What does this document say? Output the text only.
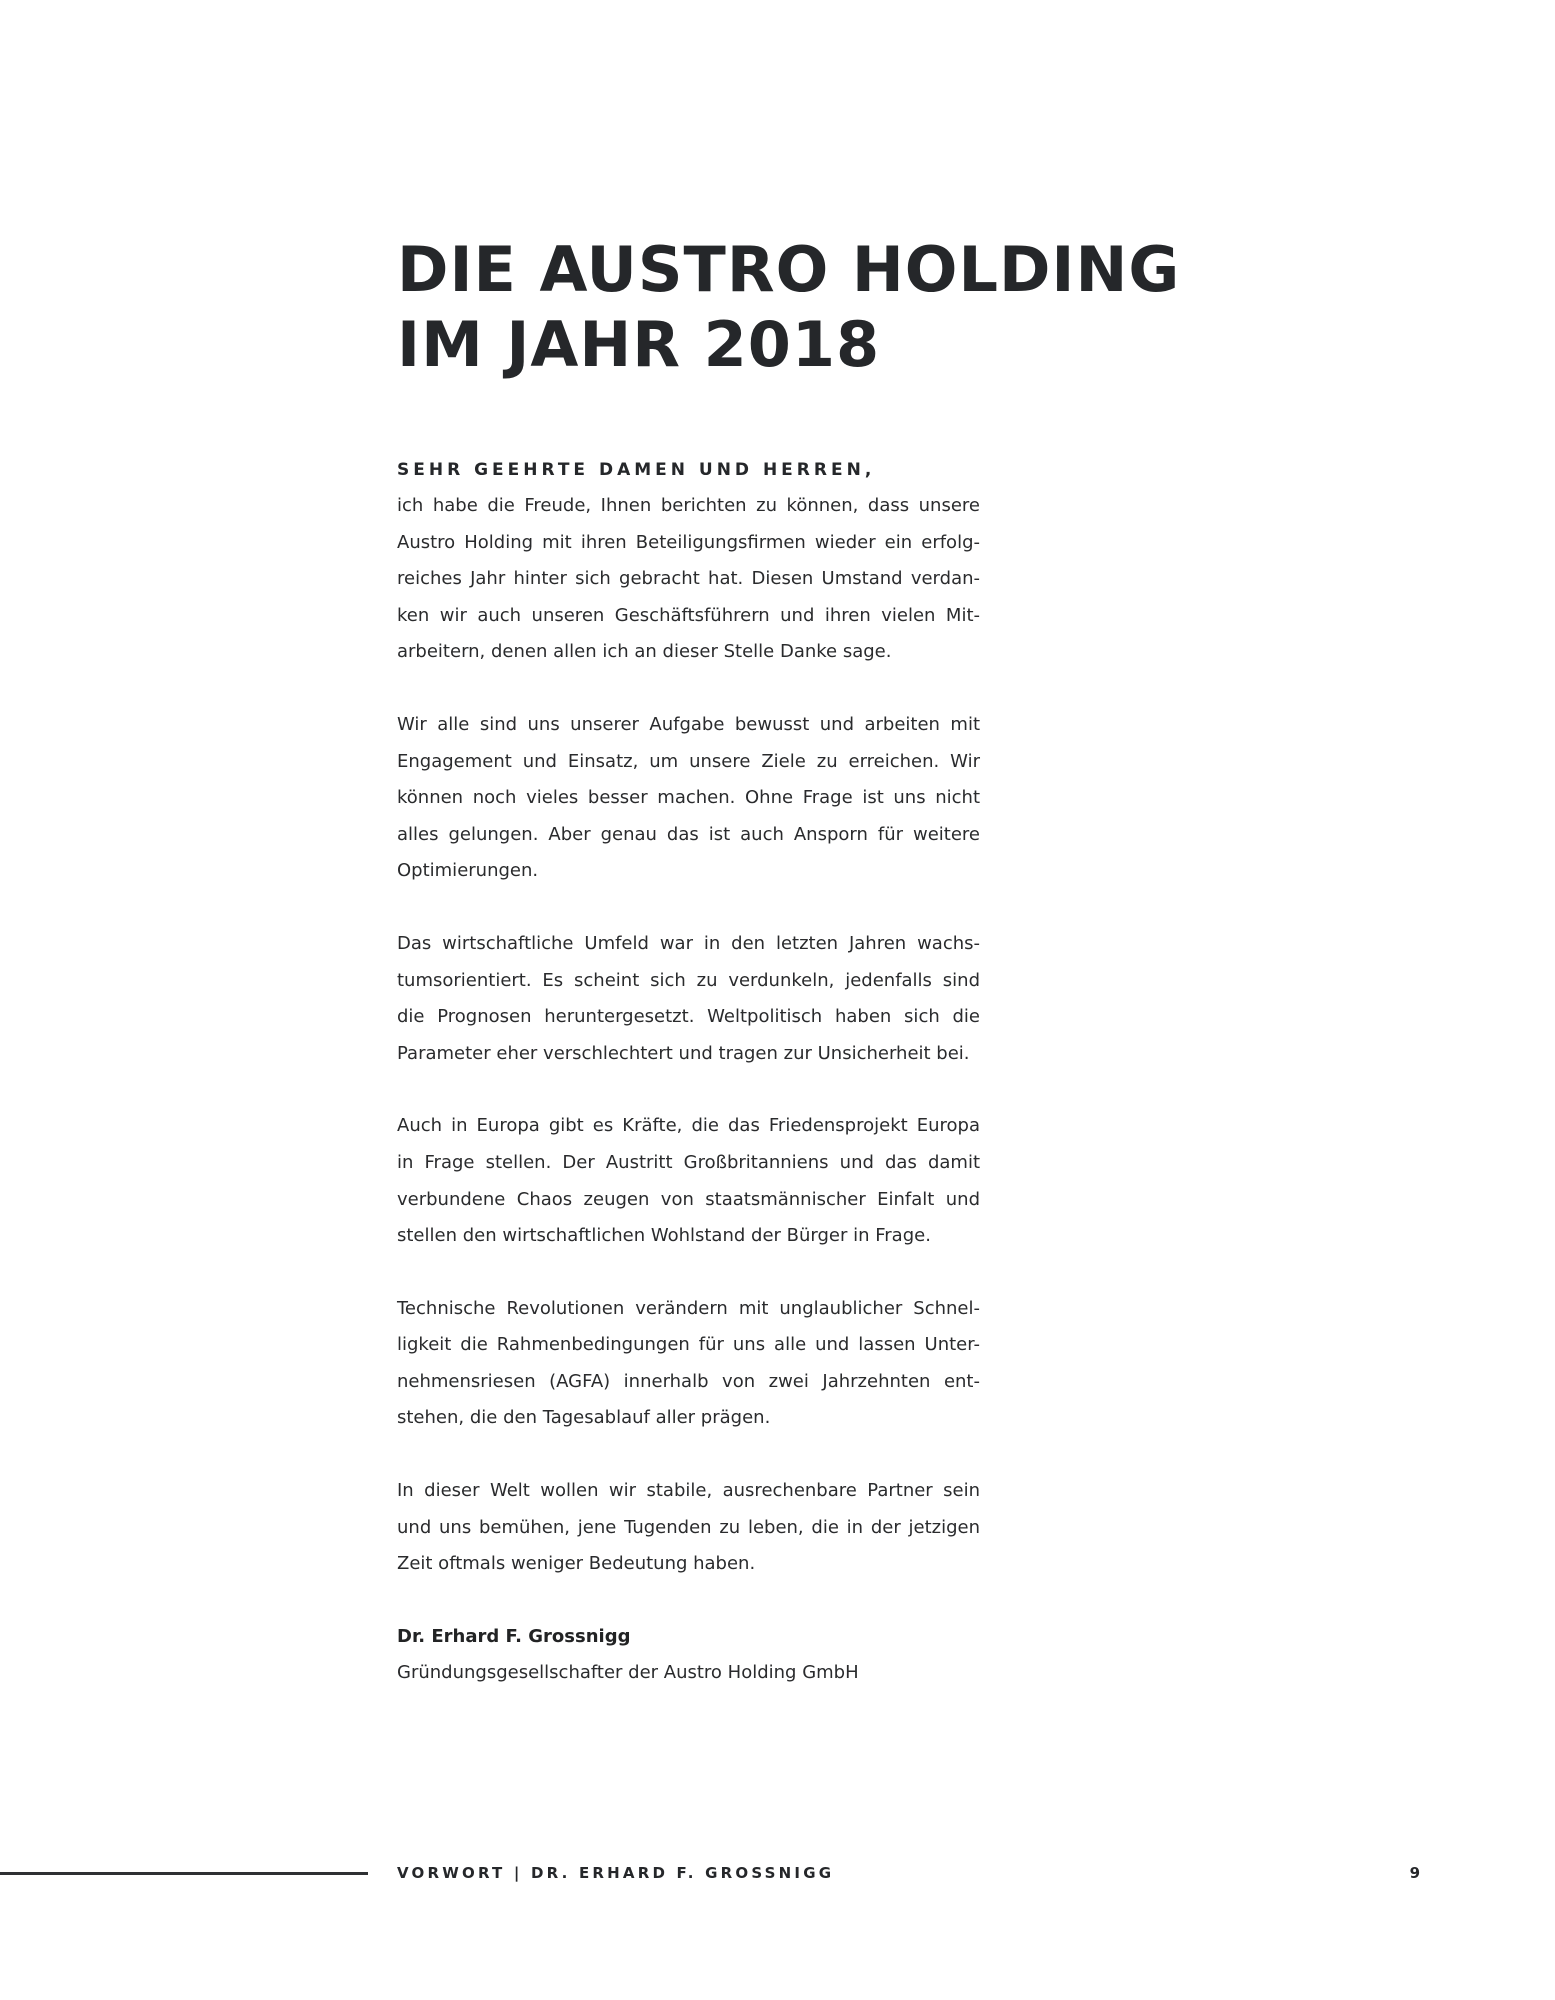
DIE AUSTRO HOLDING
IM JAHR 2018
SEHR GEEHRTE DAMEN UND HERREN,
ich habe die Freude, Ihnen berichten zu können, dass unsere
Austro Holding mit ihren Beteiligungsfirmen wieder ein erfolg-
reiches Jahr hinter sich gebracht hat. Diesen Umstand verdan-
ken wir auch unseren Geschäftsführern und ihren vielen Mit-
arbeitern, denen allen ich an dieser Stelle Danke sage.
Wir alle sind uns unserer Aufgabe bewusst und arbeiten mit
Engagement und Einsatz, um unsere Ziele zu erreichen. Wir
können noch vieles besser machen. Ohne Frage ist uns nicht
alles gelungen. Aber genau das ist auch Ansporn für weitere
Optimierungen.
Das wirtschaftliche Umfeld war in den letzten Jahren wachs-
tumsorientiert. Es scheint sich zu verdunkeln, jedenfalls sind
die Prognosen heruntergesetzt. Weltpolitisch haben sich die
Parameter eher verschlechtert und tragen zur Unsicherheit bei.
Auch in Europa gibt es Kräfte, die das Friedensprojekt Europa
in Frage stellen. Der Austritt Großbritanniens und das damit
verbundene Chaos zeugen von staatsmännischer Einfalt und
stellen den wirtschaftlichen Wohlstand der Bürger in Frage.
Technische Revolutionen verändern mit unglaublicher Schnel-
ligkeit die Rahmenbedingungen für uns alle und lassen Unter-
nehmensriesen (AGFA) innerhalb von zwei Jahrzehnten ent-
stehen, die den Tagesablauf aller prägen.
In dieser Welt wollen wir stabile, ausrechenbare Partner sein
und uns bemühen, jene Tugenden zu leben, die in der jetzigen
Zeit oftmals weniger Bedeutung haben.
Dr. Erhard F. Grossnigg
Gründungsgesellschafter der Austro Holding GmbH
VORWORT | DR. ERHARD F. GROSSNIGG	9
